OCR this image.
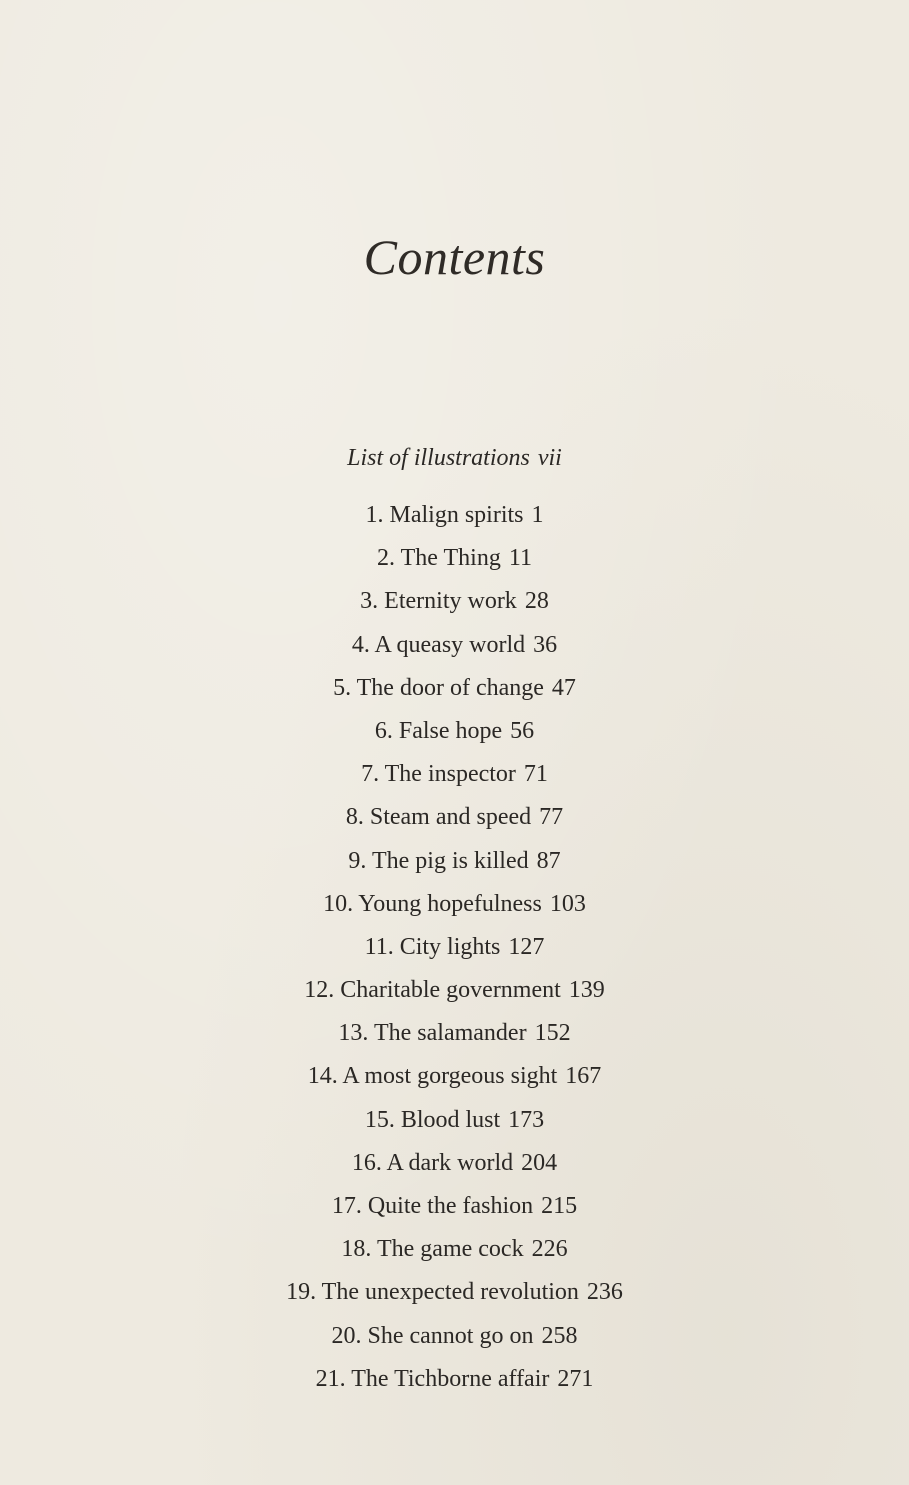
Contents
List of illustrations vii
1. Malign spirits 1
2. The Thing 11
3. Eternity work 28
4. A queasy world 36
5. The door of change 47
6. False hope 56
7. The inspector 71
8. Steam and speed 77
9. The pig is killed 87
10. Young hopefulness 103
11. City lights 127
12. Charitable government 139
13. The salamander 152
14. A most gorgeous sight 167
15. Blood lust 173
16. A dark world 204
17. Quite the fashion 215
18. The game cock 226
19. The unexpected revolution 236
20. She cannot go on 258
21. The Tichborne affair 271
